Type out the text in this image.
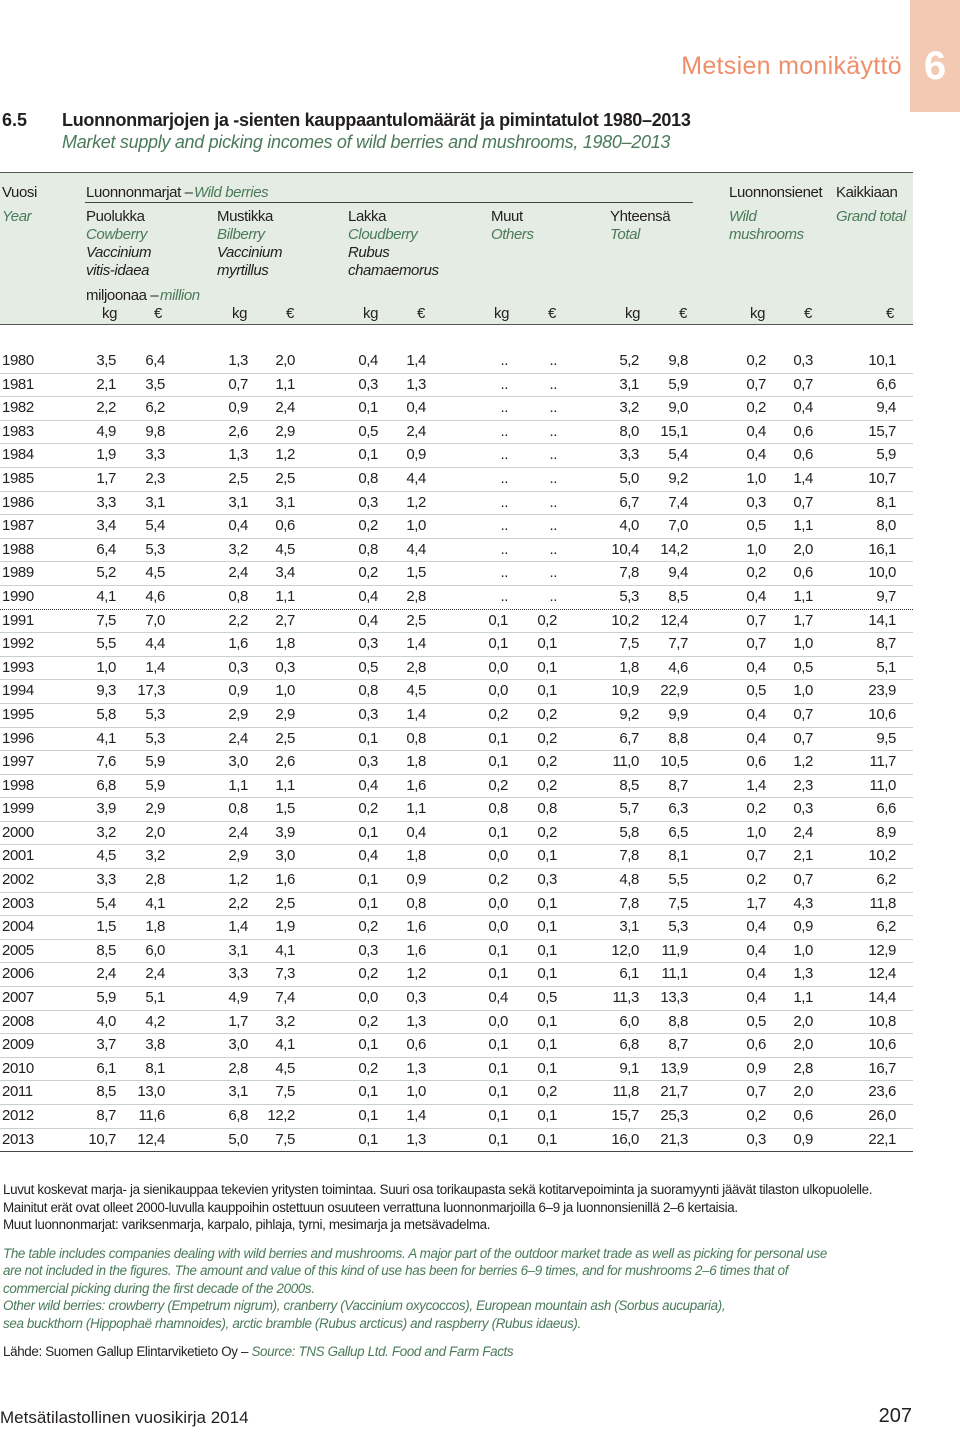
6
Metsien monikäyttö
6.5 Luonnonmarjojen ja -sienten kauppaantulomäärät ja pimintatulot 1980–2013
Market supply and picking incomes of wild berries and mushrooms, 1980–2013
Vuosi
Year
Luonnonmarjat – Wild berries	Luonnonsienet Kaikkiaan
Puolukka
Cowberry
Vaccinium
vitis-idaea
Mustikka
Bilberry
Vaccinium
myrtillus
Lakka
Cloudberry
Rubus
chamaemorus
Muut
Others
Yhteensä
Total
Wild
mushrooms
Grand total
miljoonaa – million
kg €	kg	€	kg	€	kg	€	kg	€	kg	€	€
1980	3,5 6,4	1,3 2,0	0,4 1,4	..	..	5,2 9,8	0,2 0,3	10,1
1981	2,1 3,5	0,7 1,1	0,3 1,3	..	..	3,1 5,9	0,7 0,7	6,6
1982	2,2 6,2	0,9 2,4	0,1 0,4	..	..	3,2 9,0	0,2 0,4	9,4
1983	4,9 9,8	2,6 2,9	0,5 2,4	..	..	8,0 15,1	0,4 0,6	15,7
1984	1,9 3,3	1,3 1,2	0,1 0,9	..	..	3,3 5,4	0,4 0,6	5,9
1985	1,7 2,3	2,5 2,5	0,8 4,4	..	..	5,0 9,2	1,0 1,4	10,7
1986	3,3 3,1	3,1 3,1	0,3 1,2	..	..	6,7 7,4	0,3 0,7	8,1
1987	3,4 5,4	0,4 0,6	0,2 1,0	..	..	4,0 7,0	0,5 1,1	8,0
1988	6,4 5,3	3,2 4,5	0,8 4,4	..	..	10,4 14,2	1,0 2,0	16,1
1989	5,2 4,5	2,4 3,4	0,2 1,5	..	..	7,8 9,4	0,2 0,6	10,0
1990	4,1 4,6	0,8 1,1	0,4 2,8	..	..	5,3 8,5	0,4 1,1	9,7
1991	7,5 7,0	2,2 2,7	0,4 2,5	0,1 0,2	10,2 12,4	0,7 1,7	14,1
1992	5,5 4,4	1,6 1,8	0,3 1,4	0,1 0,1	7,5 7,7	0,7 1,0	8,7
1993	1,0 1,4	0,3 0,3	0,5 2,8	0,0 0,1	1,8 4,6	0,4 0,5	5,1
1994	9,3 17,3	0,9 1,0	0,8 4,5	0,0 0,1	10,9 22,9	0,5 1,0	23,9
1995	5,8 5,3	2,9 2,9	0,3 1,4	0,2 0,2	9,2 9,9	0,4 0,7	10,6
1996	4,1 5,3	2,4 2,5	0,1 0,8	0,1 0,2	6,7 8,8	0,4 0,7	9,5
1997	7,6 5,9	3,0 2,6	0,3 1,8	0,1 0,2	11,0 10,5	0,6 1,2	11,7
1998	6,8 5,9	1,1 1,1	0,4 1,6	0,2 0,2	8,5 8,7	1,4 2,3	11,0
1999	3,9 2,9	0,8 1,5	0,2 1,1	0,8 0,8	5,7 6,3	0,2 0,3	6,6
2000	3,2 2,0	2,4 3,9	0,1 0,4	0,1 0,2	5,8 6,5	1,0 2,4	8,9
2001	4,5 3,2	2,9 3,0	0,4 1,8	0,0 0,1	7,8 8,1	0,7 2,1	10,2
2002	3,3 2,8	1,2 1,6	0,1 0,9	0,2 0,3	4,8 5,5	0,2 0,7	6,2
2003	5,4 4,1	2,2 2,5	0,1 0,8	0,0 0,1	7,8 7,5	1,7 4,3	11,8
2004	1,5 1,8	1,4 1,9	0,2 1,6	0,0 0,1	3,1 5,3	0,4 0,9	6,2
2005	8,5 6,0	3,1 4,1	0,3 1,6	0,1 0,1	12,0 11,9	0,4 1,0	12,9
2006	2,4 2,4	3,3 7,3	0,2 1,2	0,1 0,1	6,1 11,1	0,4 1,3	12,4
2007	5,9 5,1	4,9 7,4	0,0 0,3	0,4 0,5	11,3 13,3	0,4 1,1	14,4
2008	4,0 4,2	1,7 3,2	0,2 1,3	0,0 0,1	6,0 8,8	0,5 2,0	10,8
2009	3,7 3,8	3,0 4,1	0,1 0,6	0,1 0,1	6,8 8,7	0,6 2,0	10,6
2010	6,1 8,1	2,8 4,5	0,2 1,3	0,1 0,1	9,1 13,9	0,9 2,8	16,7
2011	8,5 13,0	3,1 7,5	0,1 1,0	0,1 0,2	11,8 21,7	0,7 2,0	23,6
2012	8,7 11,6	6,8 12,2	0,1 1,4	0,1 0,1	15,7 25,3	0,2 0,6	26,0
2013	10,7 12,4	5,0 7,5	0,1 1,3	0,1 0,1	16,0 21,3	0,3 0,9	22,1

Luvut koskevat marja- ja sienikauppaa tekevien yritysten toimintaa. Suuri osa torikaupasta sekä kotitarvepoiminta ja suoramyynti jäävät tilaston ulkopuolelle.

Mainitut erät ovat olleet 2000-luvulla kauppoihin ostettuun osuuteen verrattuna luonnonmarjoilla 6–9 ja luonnonsienillä 2–6 kertaisia.

Muut luonnonmarjat: variksenmarja, karpalo, pihlaja, tyrni, mesimarja ja metsävadelma.

The table includes companies dealing with wild berries and mushrooms. A major part of the outdoor market trade as well as picking for personal use

are not included in the figures. The amount and value of this kind of use has been for berries 6–9 times, and for mushrooms 2–6 times that of

commercial picking during the first decade of the 2000s.

Other wild berries: crowberry (Empetrum nigrum), cranberry (Vaccinium oxycoccos), European mountain ash (Sorbus aucuparia),

sea buckthorn (Hippophaë rhamnoides), arctic bramble (Rubus arcticus) and raspberry (Rubus idaeus).

Lähde: Suomen Gallup Elintarviketieto Oy – Source: TNS Gallup Ltd. Food and Farm Facts

Metsätilastollinen vuosikirja 2014	207
